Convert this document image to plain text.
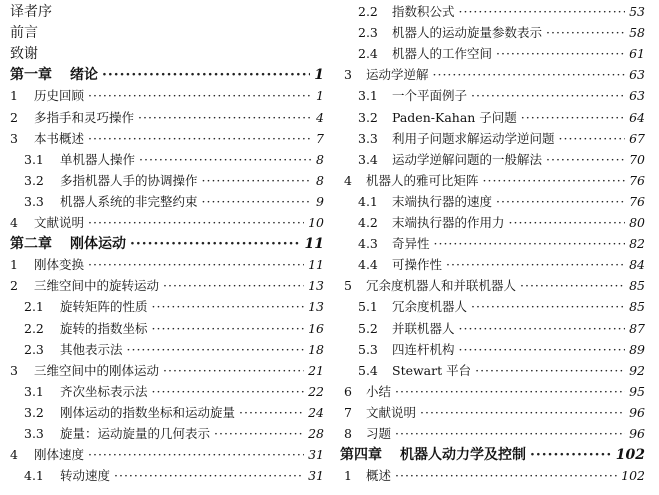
译者序
前言
致谢
第一章 绪论 ·····	1
1	历史回顾 ·····	1
2	多指手和灵巧操作 ·····	4
3	本书概述 ·····	7
3.1	单机器人操作 ·····	8
3.2	多指机器人手的协调操作 ·····	8
3.3	机器人系统的非完整约束 ·····	9
4	文献说明 ·····	10
第二章 刚体运动 ·····	11
1	刚体变换 ·····	11
2	三维空间中的旋转运动 ·····	13
2.1	旋转矩阵的性质 ·····	13
2.2	旋转的指数坐标 ·····	16
2.3	其他表示法 ·····	18
3	三维空间中的刚体运动 ·····	21
3.1	齐次坐标表示法 ·····	22
3.2	刚体运动的指数坐标和运动旋量 ·····	24
3.3	旋量：运动旋量的几何表示 ·····	28
4	刚体速度 ·····	31
4.1	转动速度 ·····	31
2.2	指数积公式 ·····	53
2.3	机器人的运动旋量参数表示 ·····	58
2.4	机器人的工作空间 ·····	61
3	运动学逆解 ·····	63
3.1	一个平面例子 ·····	63
3.2	Paden-Kahan 子问题 ·····	64
3.3	利用子问题求解运动学逆问题 ·····	67
3.4	运动学逆解问题的一般解法 ·····	70
4	机器人的雅可比矩阵 ·····	76
4.1	末端执行器的速度 ·····	76
4.2	末端执行器的作用力 ·····	80
4.3	奇异性 ·····	82
4.4	可操作性 ·····	84
5	冗余度机器人和并联机器人 ·····	85
5.1	冗余度机器人 ·····	85
5.2	并联机器人 ·····	87
5.3	四连杆机构 ·····	89
5.4	Stewart 平台 ·····	92
6	小结 ·····	95
7	文献说明 ·····	96
8	习题 ·····	96
第四章 机器人动力学及控制 ·····	102
1	概述 ·····	102
